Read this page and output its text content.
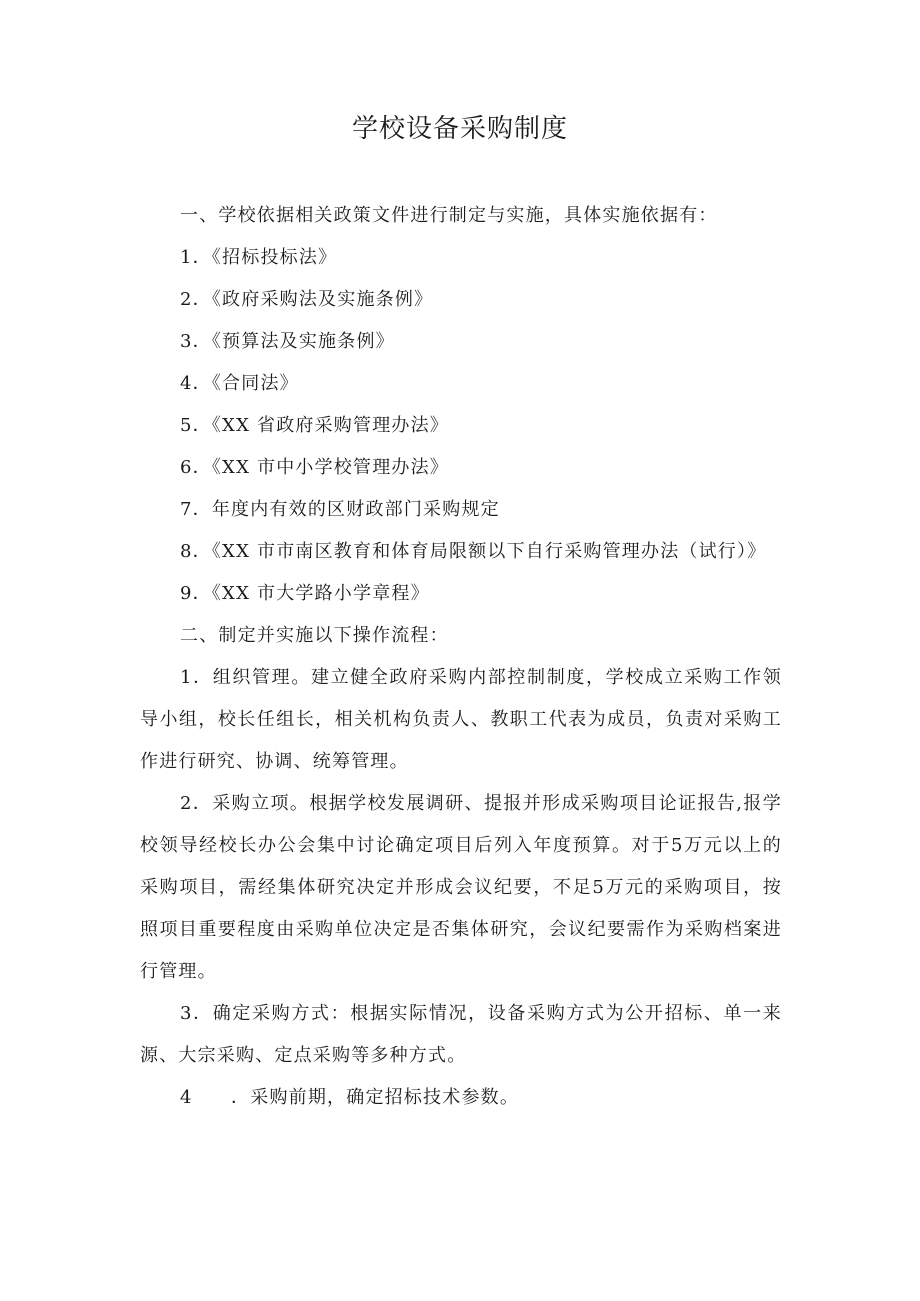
学校设备采购制度

一、学校依据相关政策文件进行制定与实施，具体实施依据有：

1．《招标投标法》

2．《政府采购法及实施条例》

3．《预算法及实施条例》

4．《合同法》

5．《XX 省政府采购管理办法》

6．《XX 市中小学校管理办法》

7．年度内有效的区财政部门采购规定

8．《XX 市市南区教育和体育局限额以下自行采购管理办法（试行）》

9．《XX 市大学路小学章程》

二、制定并实施以下操作流程：

1．组织管理。建立健全政府采购内部控制制度，学校成立采购工作领导小组，校长任组长，相关机构负责人、教职工代表为成员，负责对采购工作进行研究、协调、统筹管理。

2．采购立项。根据学校发展调研、提报并形成采购项目论证报告,报学校领导经校长办公会集中讨论确定项目后列入年度预算。对于5万元以上的采购项目，需经集体研究决定并形成会议纪要，不足5万元的采购项目，按照项目重要程度由采购单位决定是否集体研究，会议纪要需作为采购档案进行管理。

3．确定采购方式：根据实际情况，设备采购方式为公开招标、单一来源、大宗采购、定点采购等多种方式。

4　　．采购前期，确定招标技术参数。
